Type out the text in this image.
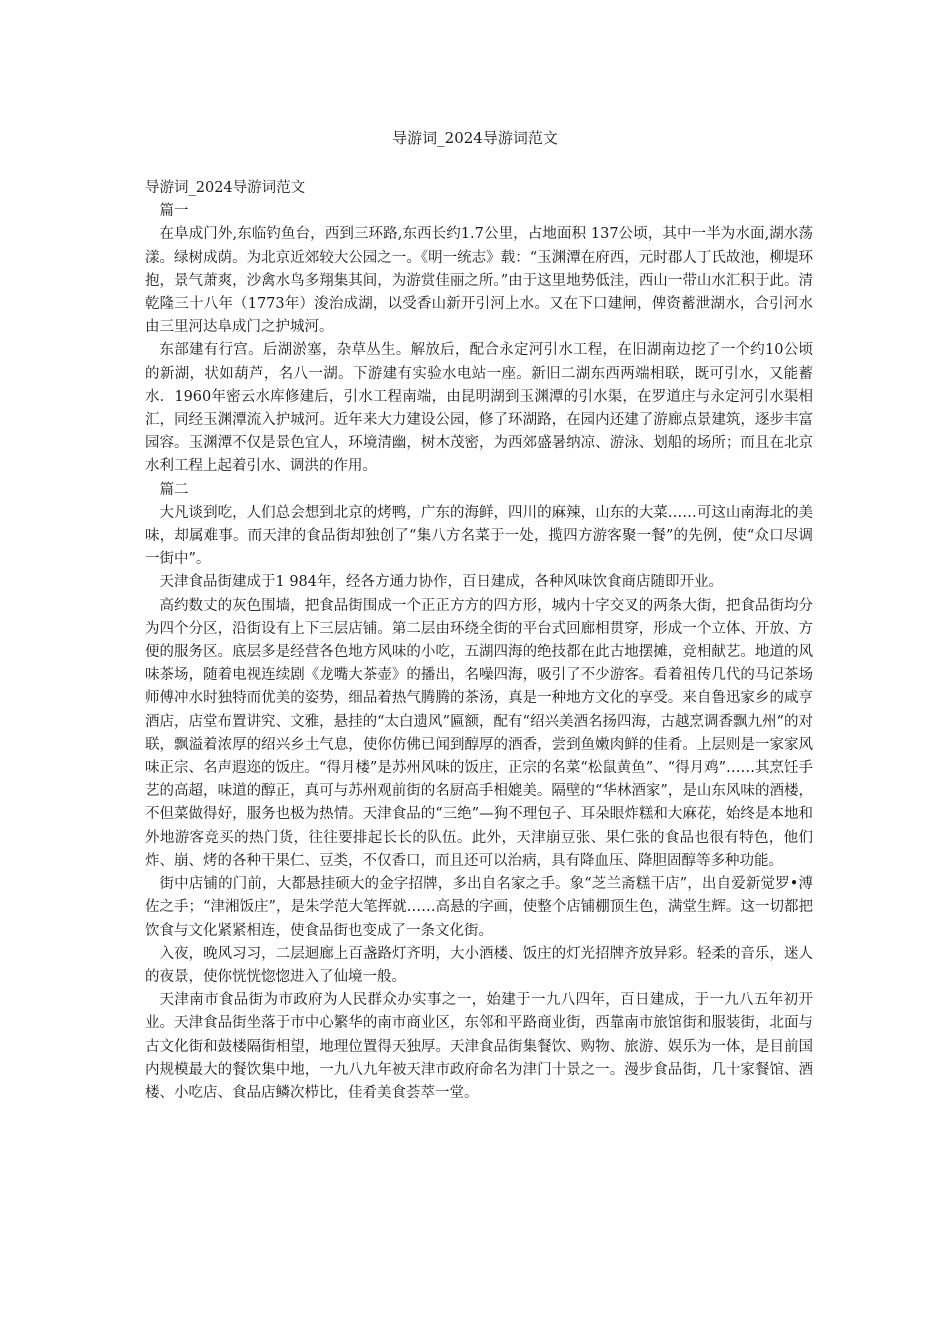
导游词_2024导游词范文

导游词_2024导游词范文

篇一

在阜成门外,东临钓鱼台，西到三环路,东西长约1.7公里，占地面积 137公顷，其中一半为水面,湖水荡漾。绿树成荫。为北京近郊较大公园之一。《明一统志》载：“玉渊潭在府西，元时郡人丁氏故池，柳堤环抱，景气萧爽，沙禽水鸟多翔集其间，为游赏佳丽之所。”由于这里地势低洼，西山一带山水汇积于此。清乾隆三十八年（1773年）浚治成湖，以受香山新开引河上水。又在下口建闸，俾资蓄泄湖水，合引河水由三里河达阜成门之护城河。

东部建有行宫。后湖淤塞，杂草丛生。解放后，配合永定河引水工程，在旧湖南边挖了一个约10公顷的新湖，状如葫芦，名八一湖。下游建有实验水电站一座。新旧二湖东西两端相联，既可引水，又能蓄水．1960年密云水库修建后，引水工程南端，由昆明湖到玉渊潭的引水渠，在罗道庄与永定河引水渠相汇，同经玉渊潭流入护城河。近年来大力建设公园，修了环湖路，在园内还建了游廊点景建筑，逐步丰富园容。玉渊潭不仅是景色宜人，环境清幽，树木茂密，为西郊盛暑纳凉、游泳、划船的场所；而且在北京水利工程上起着引水、调洪的作用。

篇二

大凡谈到吃，人们总会想到北京的烤鸭，广东的海鲜，四川的麻辣，山东的大菜……可这山南海北的美味，却属难事。而天津的食品街却独创了“集八方名菜于一处，揽四方游客聚一餐”的先例，使“众口尽调一街中”。

天津食品街建成于1 984年，经各方通力协作，百日建成，各种风味饮食商店随即开业。

高约数丈的灰色围墙，把食品街围成一个正正方方的四方形，城内十字交叉的两条大街，把食品街均分为四个分区，沿街设有上下三层店铺。第二层由环绕全街的平台式回廊相贯穿，形成一个立体、开放、方便的服务区。底层多是经营各色地方风味的小吃，五湖四海的绝技都在此古地摆摊，竞相献艺。地道的风味茶场，随着电视连续剧《龙嘴大茶壶》的播出，名噪四海，吸引了不少游客。看着祖传几代的马记茶场师傅冲水时独特而优美的姿势，细品着热气腾腾的茶汤，真是一种地方文化的享受。来自鲁迅家乡的咸亨酒店，店堂布置讲究、文雅，悬挂的“太白遗风”匾额，配有“绍兴美酒名扬四海，古越烹调香飘九州”的对联，飘溢着浓厚的绍兴乡土气息，使你仿佛已闻到醇厚的酒香，尝到鱼嫩肉鲜的佳肴。上层则是一家家风味正宗、名声遐迩的饭庄。“得月楼”是苏州风味的饭庄，正宗的名菜“松鼠黄鱼”、“得月鸡”……其烹饪手艺的高超，味道的醇正，真可与苏州观前街的名厨高手相媲美。隔壁的“华林酒家”，是山东风味的酒楼，不但菜做得好，服务也极为热情。天津食品的“三绝”—狗不理包子、耳朵眼炸糕和大麻花，始终是本地和外地游客竞买的热门货，往往要排起长长的队伍。此外，天津崩豆张、果仁张的食品也很有特色，他们炸、崩、烤的各种干果仁、豆类，不仅香口，而且还可以治病，具有降血压、降胆固醇等多种功能。

街中店铺的门前，大都悬挂硕大的金字招牌，多出自名家之手。象“芝兰斋糕干店”，出自爱新觉罗•溥佐之手；“津湘饭庄”，是朱学范大笔挥就……高悬的字画，使整个店铺棚顶生色，满堂生辉。这一切都把饮食与文化紧紧相连，使食品街也变成了一条文化街。

入夜，晚风习习，二层迴廊上百盏路灯齐明，大小酒楼、饭庄的灯光招牌齐放异彩。轻柔的音乐，迷人的夜景，使你恍恍惚惚进入了仙境一般。

天津南市食品街为市政府为人民群众办实事之一，始建于一九八四年，百日建成，于一九八五年初开业。天津食品街坐落于市中心繁华的南市商业区，东邻和平路商业街，西靠南市旅馆街和服装街，北面与古文化街和鼓楼隔街相望，地理位置得天独厚。天津食品街集餐饮、购物、旅游、娱乐为一体，是目前国内规模最大的餐饮集中地，一九八九年被天津市政府命名为津门十景之一。漫步食品街，几十家餐馆、酒楼、小吃店、食品店鳞次栉比，佳肴美食荟萃一堂。
